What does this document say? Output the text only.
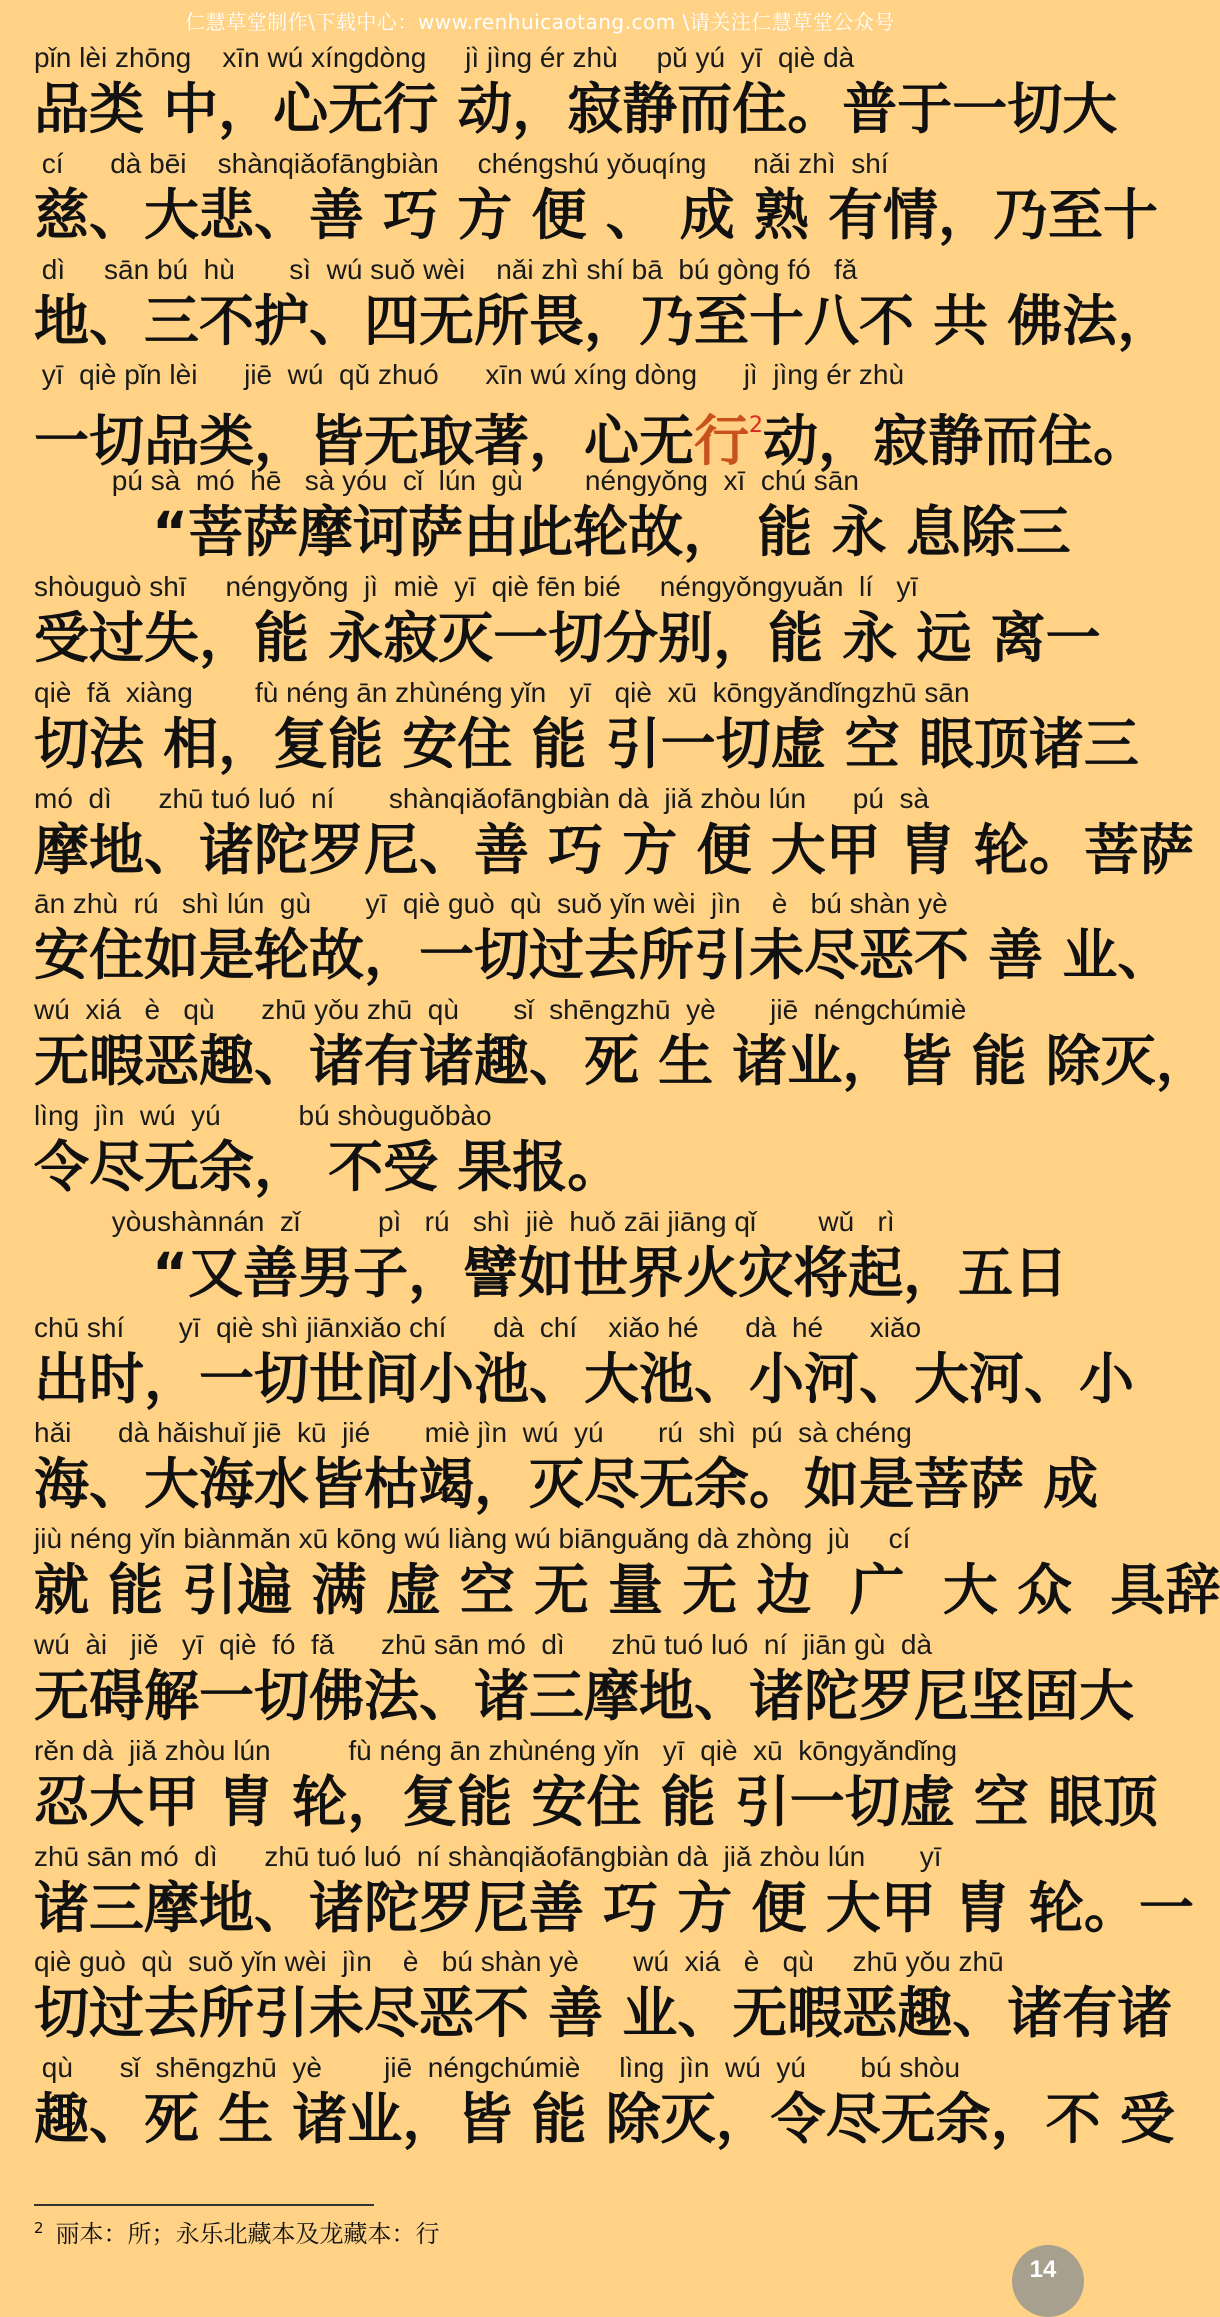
仁慧草堂制作\下载中心：www.renhuicaotang.com \请关注仁慧草堂公众号
pǐn lèi zhōng    xīn wú xíngdòng     jì jìng ér zhù     pǔ yú  yī  qiè dà
品类 中，心无行 动，寂静而住。普于一切大
cí      dà bēi    shànqiǎofāngbiàn     chéngshú yǒuqíng      nǎi zhì  shí
慈、大悲、善 巧 方 便 、 成 熟 有情，乃至十
dì     sān bú  hù       sì  wú suǒ wèi    nǎi zhì shí bā  bú gòng fó   fǎ
地、三不护、四无所畏，乃至十八不 共 佛法，
yī  qiè pǐn lèi      jiē  wú  qǔ zhuó      xīn wú xíng dòng      jì  jìng ér zhù
一切品类，皆无取著，心无行$^2$动，寂静而住。
pú sà  mó  hē   sà yóu  cǐ  lún  gù        néngyǒng  xī  chú sān
“菩萨摩诃萨由此轮故， 能 永 息除三
shòuguò shī     néngyǒng  jì  miè  yī  qiè fēn bié     néngyǒngyuǎn  lí   yī
受过失，能 永寂灭一切分别，能 永 远 离一
qiè  fǎ  xiàng        fù néng ān zhùnéng yǐn   yī   qiè  xū  kōngyǎndǐngzhū sān
切法 相，复能 安住 能 引一切虚 空 眼顶诸三
mó  dì      zhū tuó luó  ní       shànqiǎofāngbiàn dà  jiǎ zhòu lún      pú  sà
摩地、诸陀罗尼、善 巧 方 便 大甲 胄 轮。菩萨
ān zhù  rú   shì lún  gù       yī  qiè guò  qù  suǒ yǐn wèi  jìn    è   bú shàn yè
安住如是轮故，一切过去所引未尽恶不 善 业、
wú  xiá   è   qù      zhū yǒu zhū  qù       sǐ  shēngzhū  yè       jiē  néngchúmiè
无暇恶趣、诸有诸趣、死 生 诸业，皆 能 除灭，
lìng  jìn  wú  yú          bú shòuguǒbào
令尽无余， 不受 果报。
yòushànnán  zǐ          pì   rú   shì  jiè  huǒ zāi jiāng qǐ        wǔ   rì
“又善男子，譬如世界火灾将起，五日
chū shí       yī  qiè shì jiānxiǎo chí      dà  chí    xiǎo hé      dà  hé      xiǎo
出时，一切世间小池、大池、小河、大河、小
hǎi      dà hǎishuǐ jiē  kū  jié       miè jìn  wú  yú       rú  shì  pú  sà chéng
海、大海水皆枯竭，灭尽无余。如是菩萨 成
jiù néng yǐn biànmǎn xū kōng wú liàng wú biānguǎng dà zhòng  jù     cí
就 能 引遍 满 虚 空 无 量 无 边  广  大 众  具辞
wú  ài   jiě   yī  qiè  fó  fǎ      zhū sān mó  dì      zhū tuó luó  ní  jiān gù  dà
无碍解一切佛法、诸三摩地、诸陀罗尼坚固大
rěn dà  jiǎ zhòu lún          fù néng ān zhùnéng yǐn   yī  qiè  xū  kōngyǎndǐng
忍大甲 胄 轮，复能 安住 能 引一切虚 空 眼顶
zhū sān mó  dì      zhū tuó luó  ní shànqiǎofāngbiàn dà  jiǎ zhòu lún       yī
诸三摩地、诸陀罗尼善 巧 方 便 大甲 胄 轮。一
qiè guò  qù  suǒ yǐn wèi  jìn    è   bú shàn yè       wú  xiá   è   qù     zhū yǒu zhū
切过去所引未尽恶不 善 业、无暇恶趣、诸有诸
qù      sǐ  shēngzhū  yè        jiē  néngchúmiè     lìng  jìn  wú  yú       bú shòu
趣、死 生 诸业，皆 能 除灭，令尽无余，不 受
$^2$ 丽本：所；永乐北藏本及龙藏本：行
14
